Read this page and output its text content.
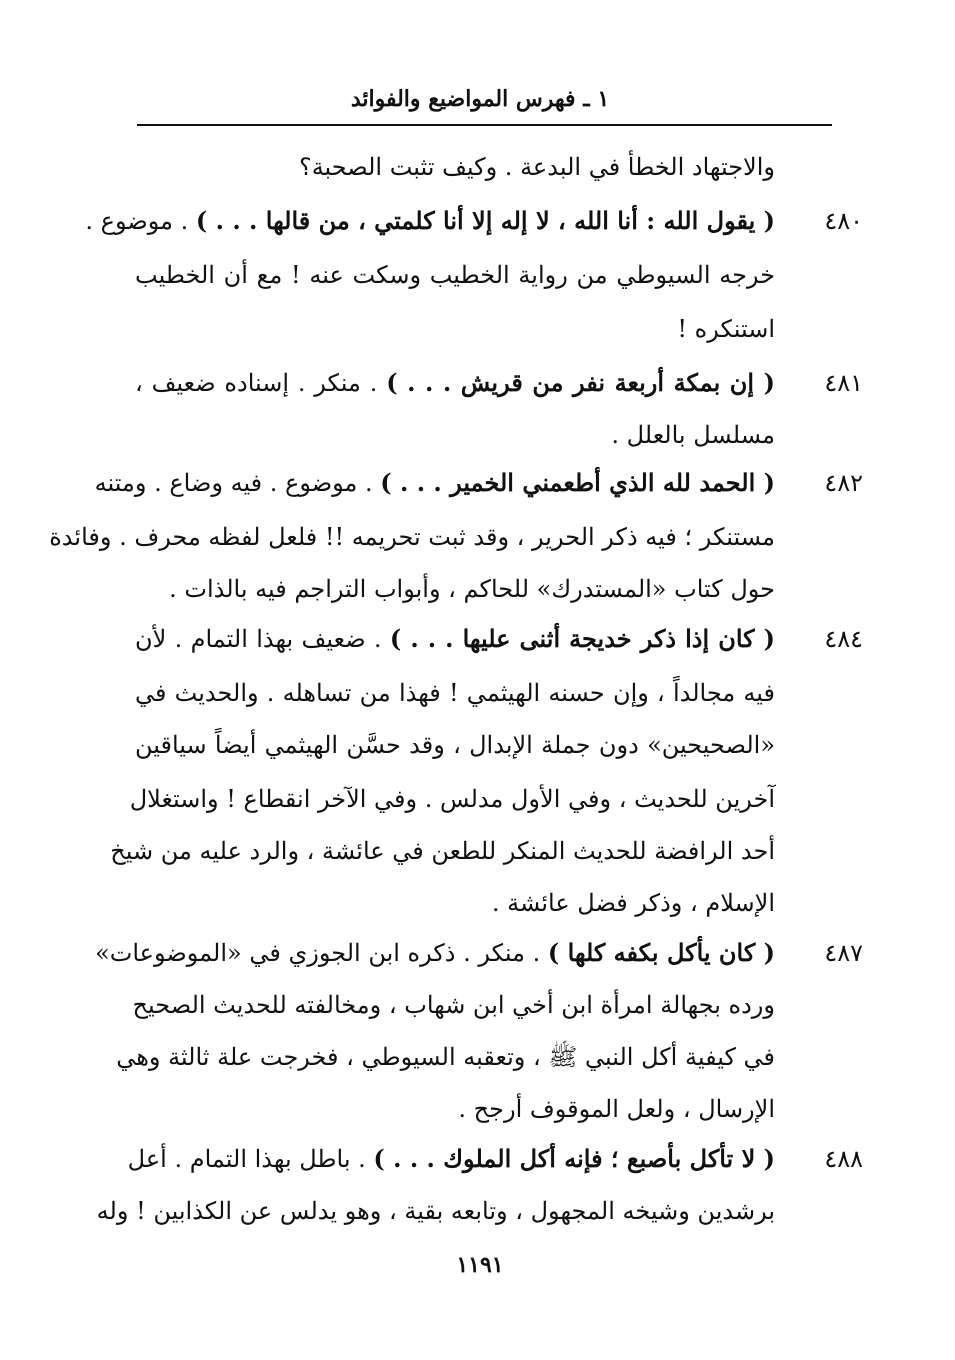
١ ـ فهرس المواضيع والفوائد
والاجتهاد الخطأ في البدعة . وكيف تثبت الصحبة؟
٤٨٠
( يقول الله : أنا الله ، لا إله إلا أنا كلمتي ، من قالها . . . ) . موضوع .
خرجه السيوطي من رواية الخطيب وسكت عنه ! مع أن الخطيب
استنكره !
٤٨١
( إن بمكة أربعة نفر من قريش . . . ) . منكر . إسناده ضعيف ،
مسلسل بالعلل .
٤٨٢
( الحمد لله الذي أطعمني الخمير . . . ) . موضوع . فيه وضاع . ومتنه
مستنكر ؛ فيه ذكر الحرير ، وقد ثبت تحريمه !! فلعل لفظه محرف . وفائدة
حول كتاب «المستدرك» للحاكم ، وأبواب التراجم فيه بالذات .
٤٨٤
( كان إذا ذكر خديجة أثنى عليها . . . ) . ضعيف بهذا التمام . لأن
فيه مجالداً ، وإن حسنه الهيثمي ! فهذا من تساهله . والحديث في
«الصحيحين» دون جملة الإبدال ، وقد حسَّن الهيثمي أيضاً سياقين
آخرين للحديث ، وفي الأول مدلس . وفي الآخر انقطاع ! واستغلال
أحد الرافضة للحديث المنكر للطعن في عائشة ، والرد عليه من شيخ
الإسلام ، وذكر فضل عائشة .
٤٨٧
( كان يأكل بكفه كلها ) . منكر . ذكره ابن الجوزي في «الموضوعات»
ورده بجهالة امرأة ابن أخي ابن شهاب ، ومخالفته للحديث الصحيح
في كيفية أكل النبي ﷺ ، وتعقبه السيوطي ، فخرجت علة ثالثة وهي
الإرسال ، ولعل الموقوف أرجح .
٤٨٨
( لا تأكل بأصبع ؛ فإنه أكل الملوك . . . ) . باطل بهذا التمام . أعل
برشدين وشيخه المجهول ، وتابعه بقية ، وهو يدلس عن الكذابين ! وله
١١٩١
